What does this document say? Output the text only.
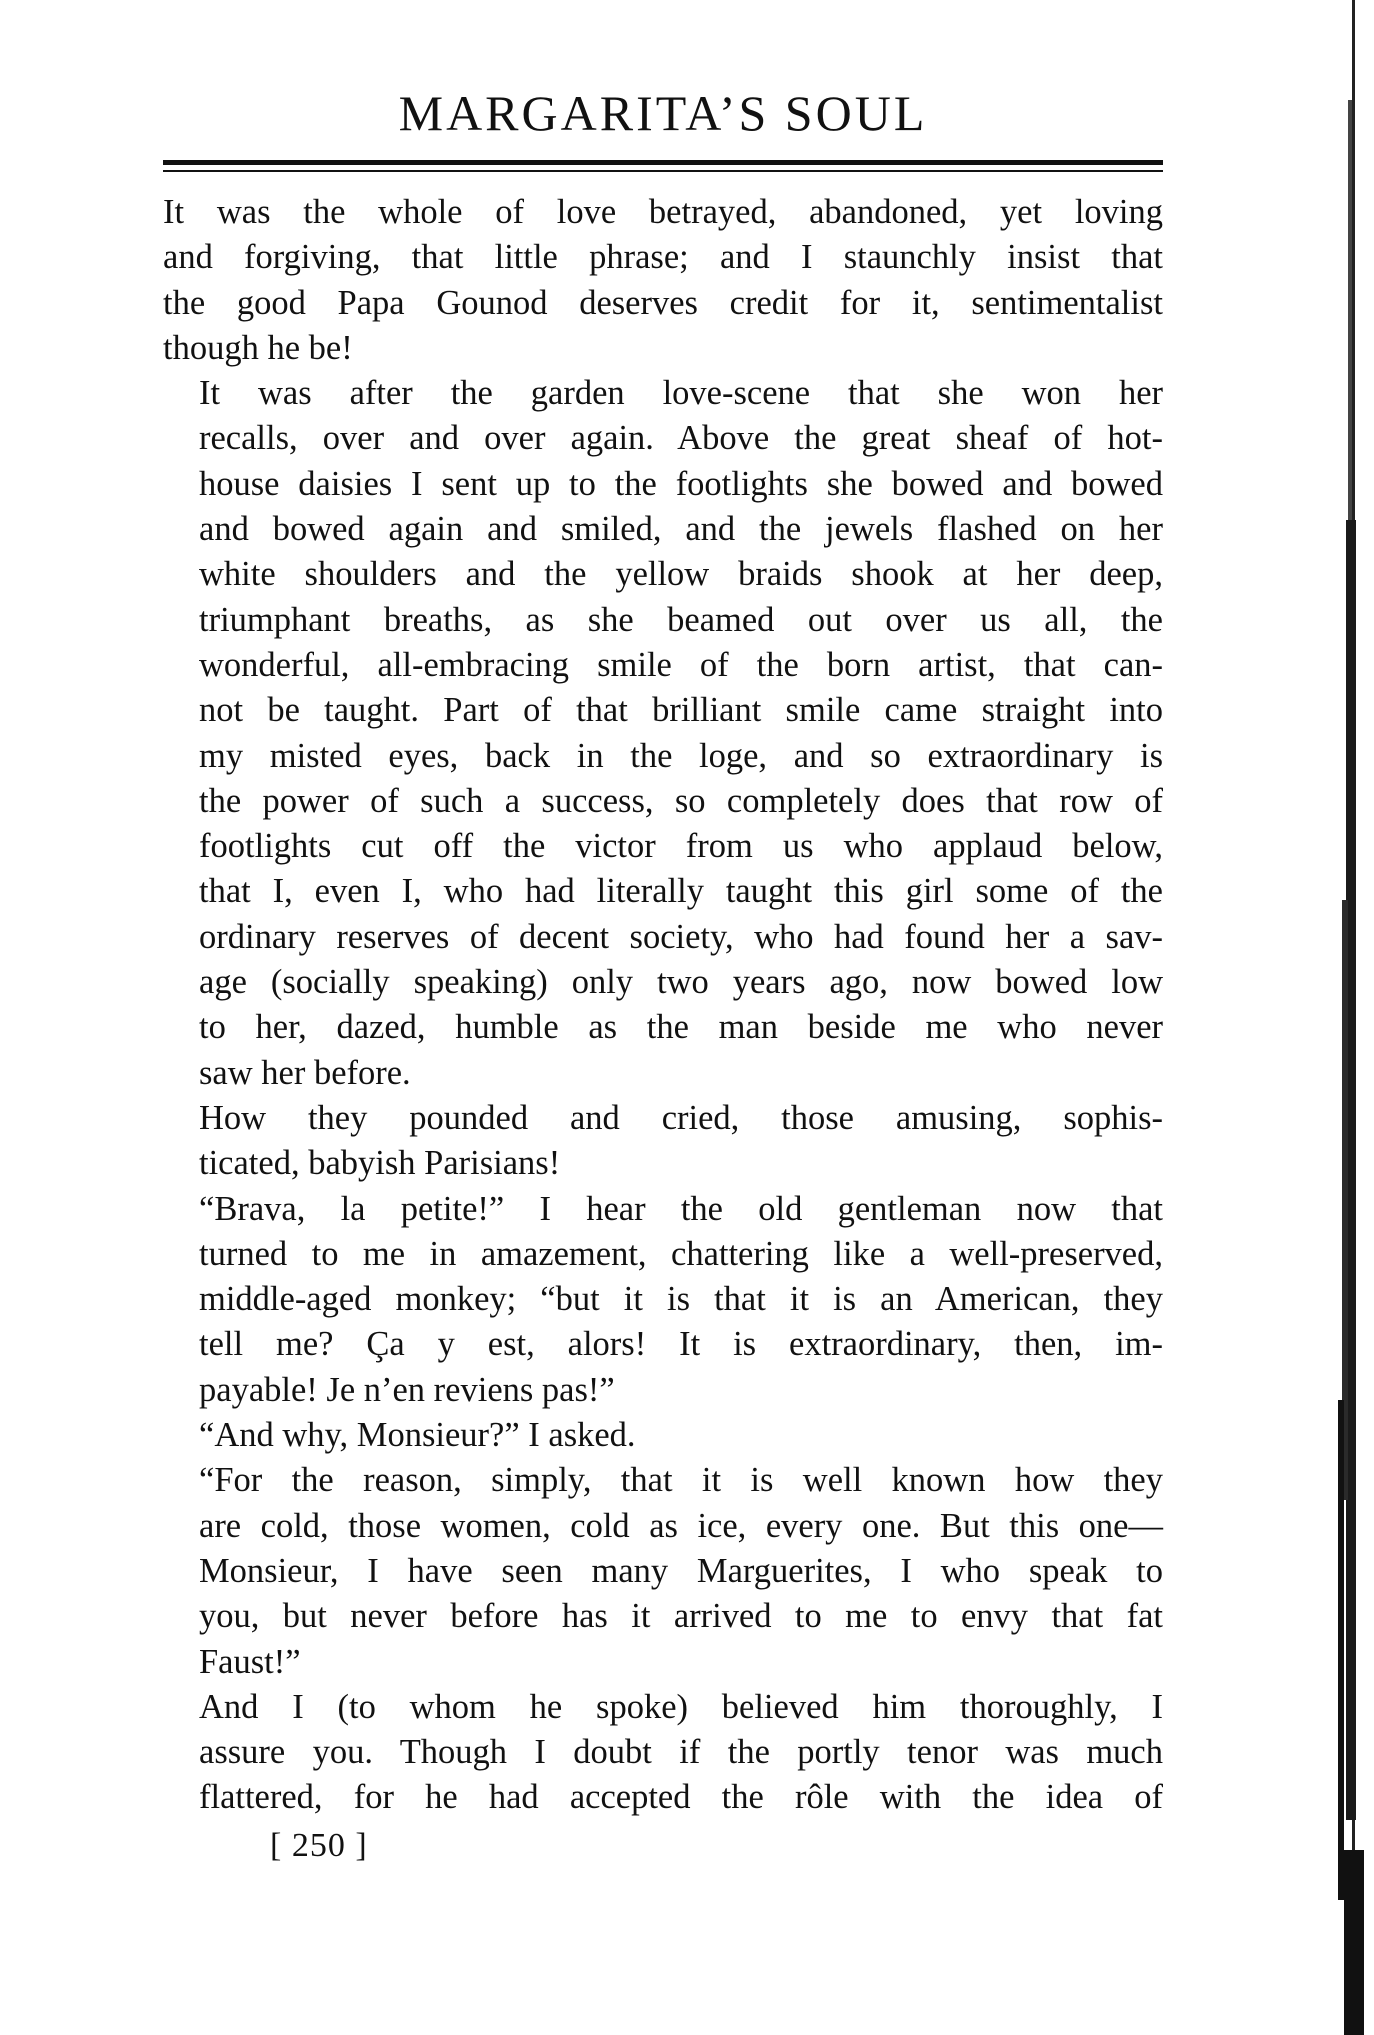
MARGARITA’S SOUL

It was the whole of love betrayed, abandoned, yet loving
and forgiving, that little phrase; and I staunchly insist that
the good Papa Gounod deserves credit for it, sentimentalist
though he be!

It was after the garden love-scene that she won her
recalls, over and over again. Above the great sheaf of hot-
house daisies I sent up to the footlights she bowed and bowed
and bowed again and smiled, and the jewels flashed on her
white shoulders and the yellow braids shook at her deep,
triumphant breaths, as she beamed out over us all, the
wonderful, all-embracing smile of the born artist, that can-
not be taught. Part of that brilliant smile came straight into
my misted eyes, back in the loge, and so extraordinary is
the power of such a success, so completely does that row of
footlights cut off the victor from us who applaud below,
that I, even I, who had literally taught this girl some of the
ordinary reserves of decent society, who had found her a sav-
age (socially speaking) only two years ago, now bowed low
to her, dazed, humble as the man beside me who never
saw her before.

How they pounded and cried, those amusing, sophis-
ticated, babyish Parisians!

“Brava, la petite!” I hear the old gentleman now that
turned to me in amazement, chattering like a well-preserved,
middle-aged monkey; “but it is that it is an American, they
tell me? Ça y est, alors! It is extraordinary, then, im-
payable! Je n’en reviens pas!”

“And why, Monsieur?” I asked.

“For the reason, simply, that it is well known how they
are cold, those women, cold as ice, every one. But this one—
Monsieur, I have seen many Marguerites, I who speak to
you, but never before has it arrived to me to envy that fat
Faust!”

And I (to whom he spoke) believed him thoroughly, I
assure you. Though I doubt if the portly tenor was much
flattered, for he had accepted the rôle with the idea of

[ 250 ]
